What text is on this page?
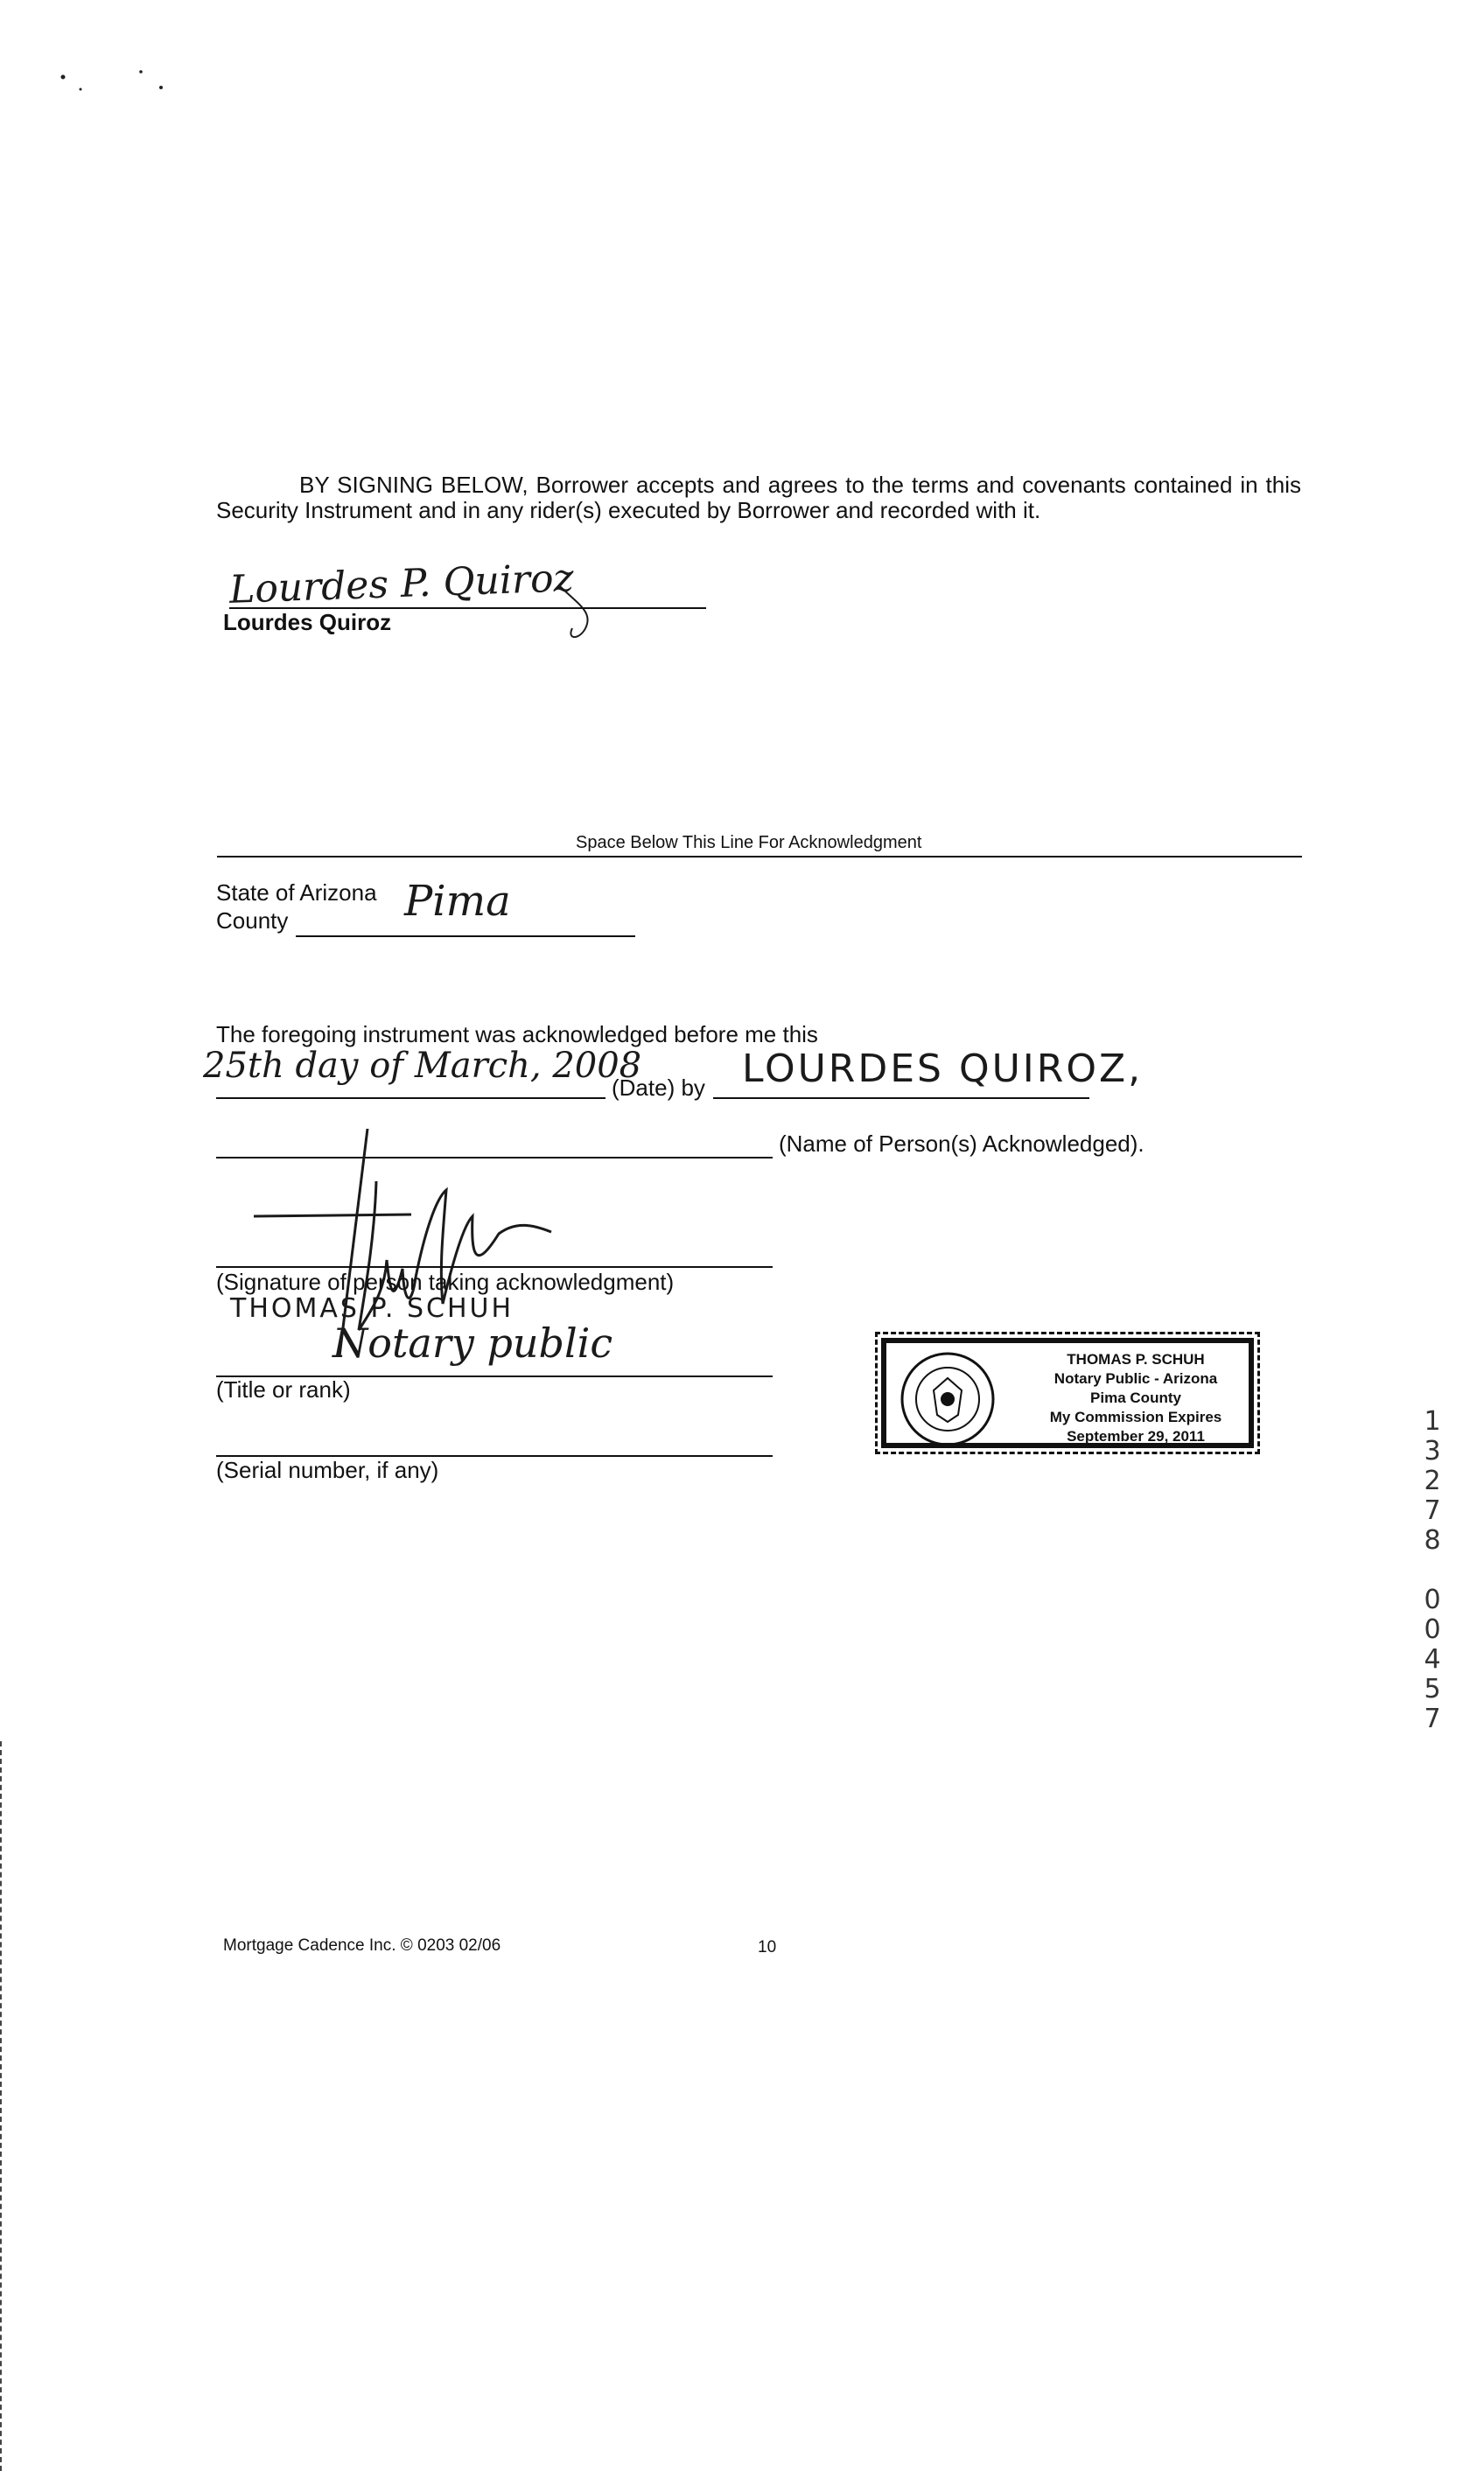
BY SIGNING BELOW, Borrower accepts and agrees to the terms and covenants contained in this Security Instrument and in any rider(s) executed by Borrower and recorded with it.
Lourdes P. Quiroz
Lourdes Quiroz
Space Below This Line For Acknowledgment
State of Arizona
County	Pima
The foregoing instrument was acknowledged before me this
25th day of March, 2008
(Date) by LOURDES QUIROZ,
(Name of Person(s) Acknowledged).
(Signature of person taking acknowledgment)
THOMAS P. SCHUH
Notary public
(Title or rank)
(Serial number, if any)
THOMAS P. SCHUH
Notary Public - Arizona
Pima County
My Commission Expires
September 29, 2011	1
3
2
7
8
0
0
4
5
7
Mortgage Cadence Inc. © 0203 02/06	10
